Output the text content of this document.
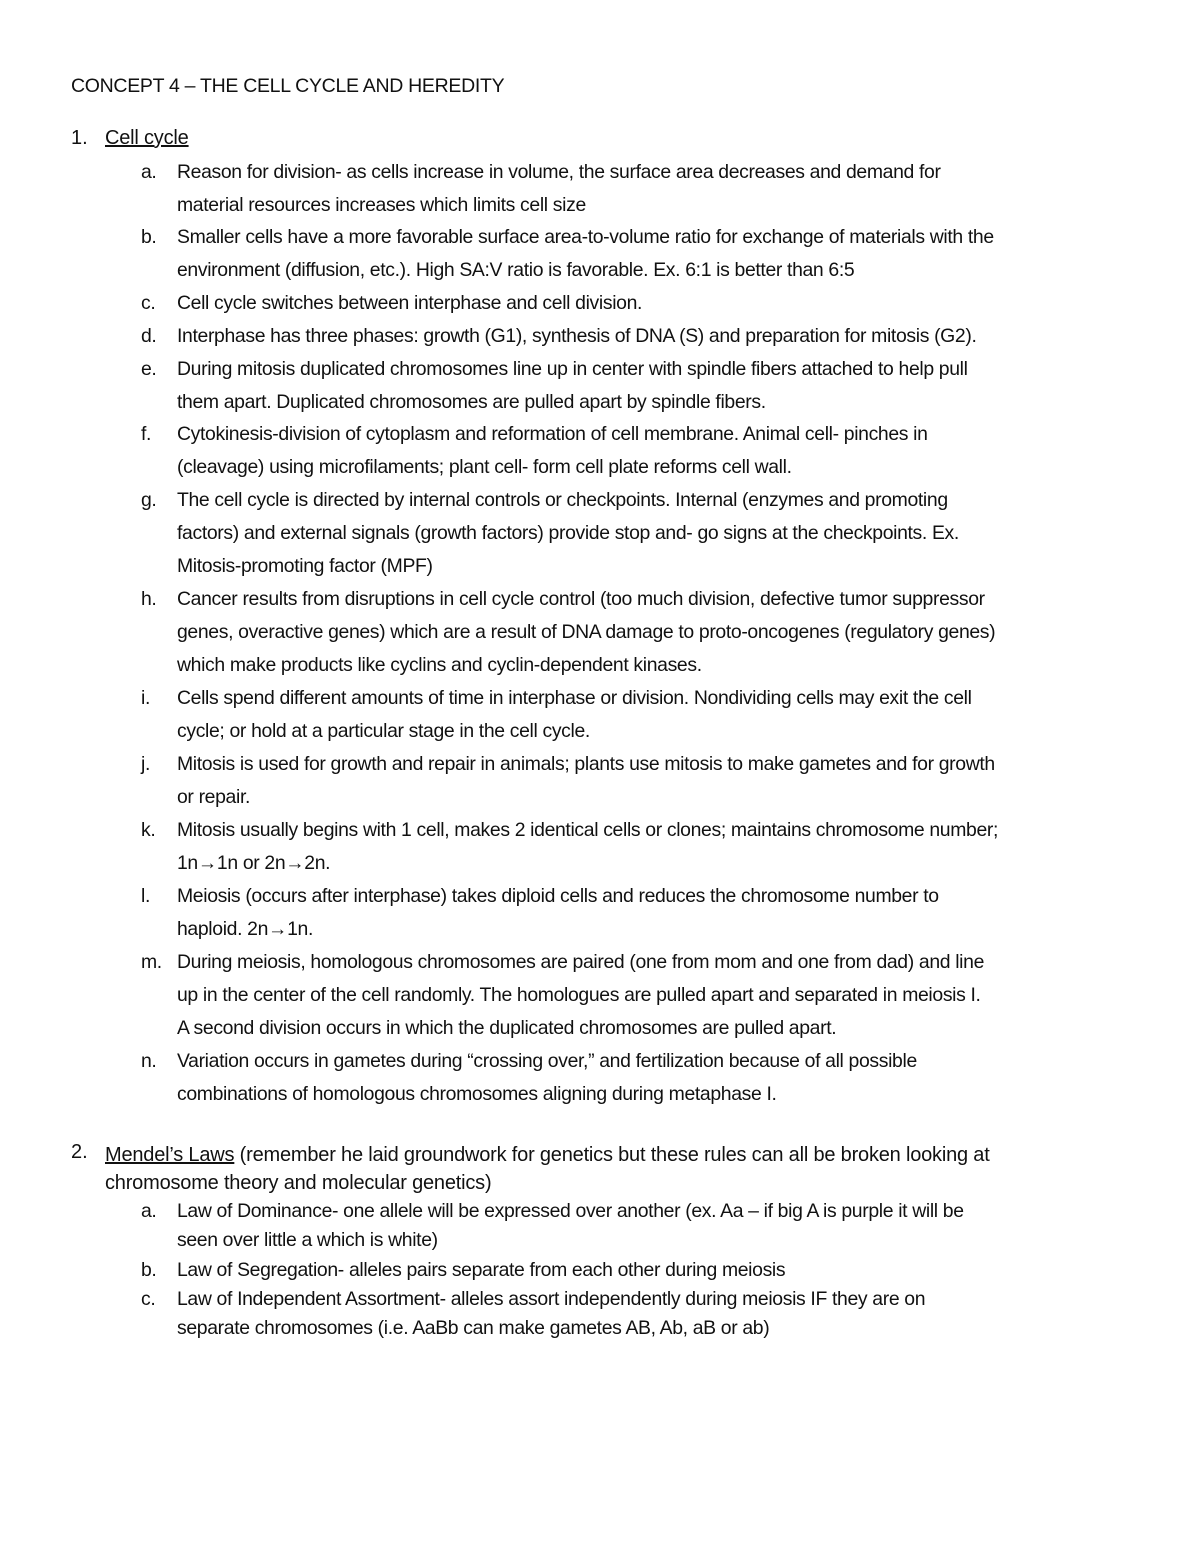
CONCEPT 4 – THE CELL CYCLE AND HEREDITY
1. Cell cycle
a.	Reason for division- as cells increase in volume, the surface area decreases and demand for
material resources increases which limits cell size
b.	Smaller cells have a more favorable surface area-to-volume ratio for exchange of materials with the
environment (diffusion, etc.). High SA:V ratio is favorable. Ex. 6:1 is better than 6:5
c.	Cell cycle switches between interphase and cell division.
d.	Interphase has three phases: growth (G1), synthesis of DNA (S) and preparation for mitosis (G2).
e.	During mitosis duplicated chromosomes line up in center with spindle fibers attached to help pull
them apart. Duplicated chromosomes are pulled apart by spindle fibers.
f.	Cytokinesis-division of cytoplasm and reformation of cell membrane. Animal cell- pinches in
(cleavage) using microfilaments; plant cell- form cell plate reforms cell wall.
g.	The cell cycle is directed by internal controls or checkpoints. Internal (enzymes and promoting
factors) and external signals (growth factors) provide stop and- go signs at the checkpoints. Ex.
Mitosis-promoting factor (MPF)
h.	Cancer results from disruptions in cell cycle control (too much division, defective tumor suppressor
genes, overactive genes) which are a result of DNA damage to proto-oncogenes (regulatory genes)
which make products like cyclins and cyclin-dependent kinases.
i.	Cells spend different amounts of time in interphase or division. Nondividing cells may exit the cell
cycle; or hold at a particular stage in the cell cycle.
j.	Mitosis is used for growth and repair in animals; plants use mitosis to make gametes and for growth
or repair.
k.	Mitosis usually begins with 1 cell, makes 2 identical cells or clones; maintains chromosome number;
1n→1n or 2n→2n.
l.	Meiosis (occurs after interphase) takes diploid cells and reduces the chromosome number to
haploid. 2n→1n.
m. During meiosis, homologous chromosomes are paired (one from mom and one from dad) and line
up in the center of the cell randomly. The homologues are pulled apart and separated in meiosis I.
A second division occurs in which the duplicated chromosomes are pulled apart.
n.	Variation occurs in gametes during “crossing over,” and fertilization because of all possible
combinations of homologous chromosomes aligning during metaphase I.
2. Mendel’s Laws (remember he laid groundwork for genetics but these rules can all be broken looking at
chromosome theory and molecular genetics)
a.	Law of Dominance- one allele will be expressed over another (ex. Aa – if big A is purple it will be
seen over little a which is white)
b.	Law of Segregation- alleles pairs separate from each other during meiosis
c.	Law of Independent Assortment- alleles assort independently during meiosis IF they are on
separate chromosomes (i.e. AaBb can make gametes AB, Ab, aB or ab)
